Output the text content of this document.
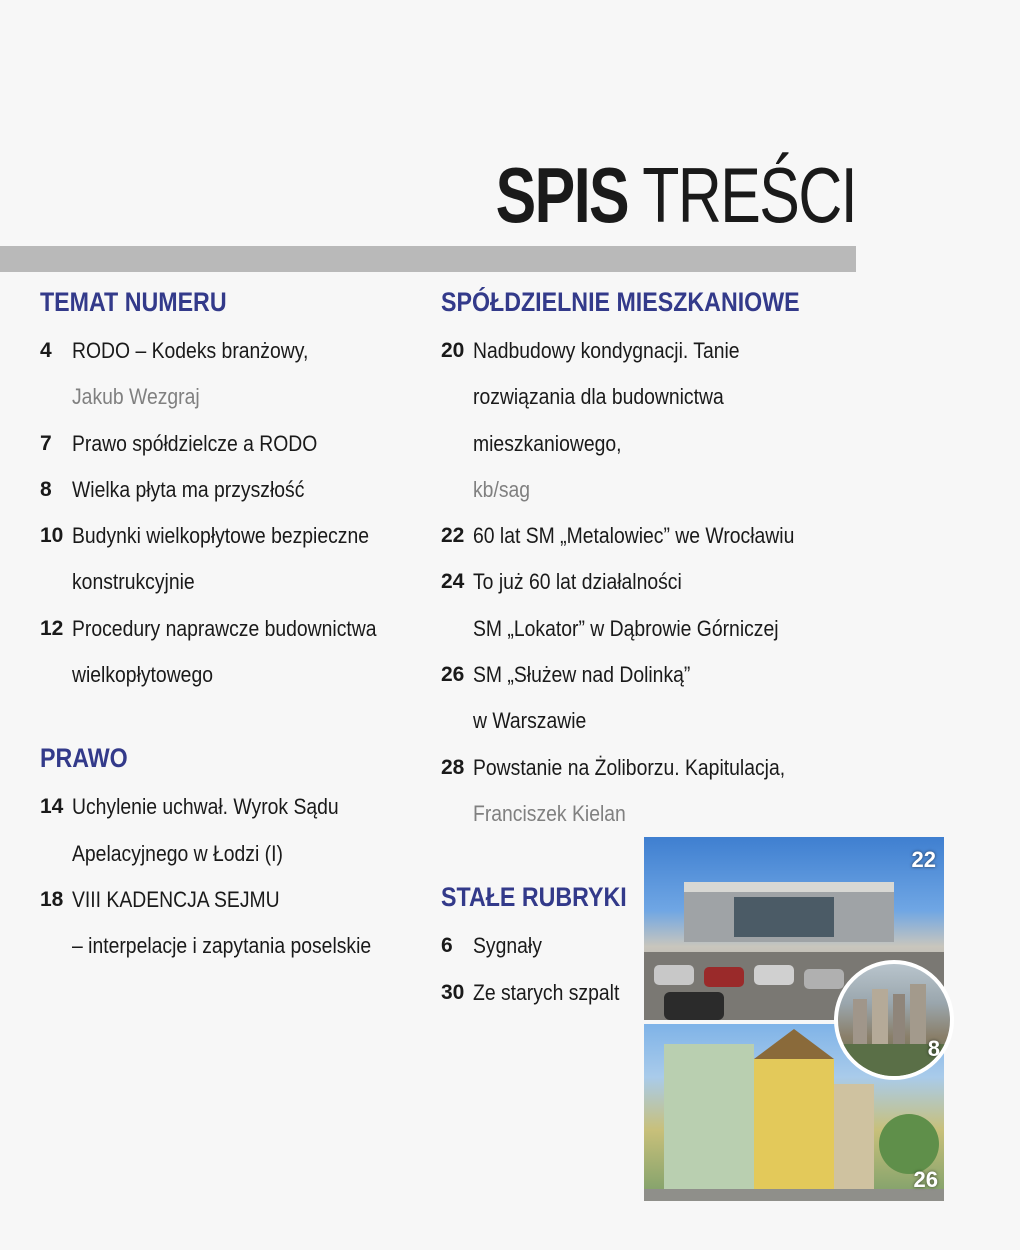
SPIS TREŚCI
TEMAT NUMERU
4 RODO – Kodeks branżowy,
Jakub Wezgraj
7 Prawo spółdzielcze a RODO
8 Wielka płyta ma przyszłość
10 Budynki wielkopłytowe bezpieczne
konstrukcyjnie
12 Procedury naprawcze budownictwa
wielkopłytowego
PRAWO
14 Uchylenie uchwał. Wyrok Sądu
Apelacyjnego w Łodzi (I)
18 VIII KADENCJA SEJMU
– interpelacje i zapytania poselskie
SPÓŁDZIELNIE MIESZKANIOWE
20 Nadbudowy kondygnacji. Tanie
rozwiązania dla budownictwa
mieszkaniowego,
kb/sag
22 60 lat SM „Metalowiec” we Wrocławiu
24 To już 60 lat działalności
SM „Lokator” w Dąbrowie Górniczej
26 SM „Służew nad Dolinką”
w Warszawie
28 Powstanie na Żoliborzu. Kapitulacja,
Franciszek Kielan
STAŁE RUBRYKI
6 Sygnały
30 Ze starych szpalt
22
26
8
